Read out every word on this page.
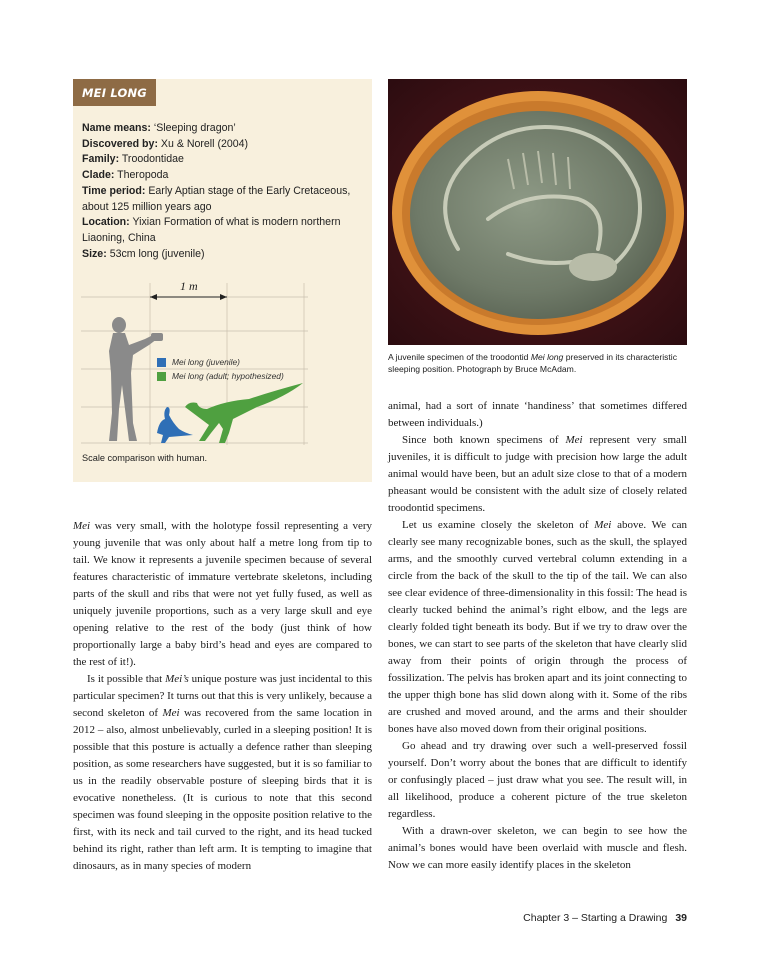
MEI LONG

Name means: ‘Sleeping dragon’

Discovered by: Xu & Norell (2004)

Family: Troodontidae

Clade: Theropoda

Time period: Early Aptian stage of the Early Cretaceous, about 125 million years ago

Location: Yixian Formation of what is modern northern Liaoning, China

Size: 53cm long (juvenile)

1 m
Mei long (juvenile)
Mei long (adult; hypothesized)
Scale comparison with human.
A juvenile specimen of the troodontid Mei long preserved in its characteristic sleeping position. Photograph by Bruce McAdam.

Mei was very small, with the holotype fossil representing a very young juvenile that was only about half a metre long from tip to tail. We know it represents a juvenile specimen because of several features characteristic of immature vertebrate skeletons, including parts of the skull and ribs that were not yet fully fused, as well as uniquely juvenile proportions, such as a very large skull and eye opening relative to the rest of the body (just think of how proportionally large a baby bird’s head and eyes are compared to the rest of it!).

Is it possible that Mei’s unique posture was just incidental to this particular specimen? It turns out that this is very unlikely, because a second skeleton of Mei was recovered from the same location in 2012 – also, almost unbelievably, curled in a sleeping position! It is possible that this posture is actually a defence rather than sleeping position, as some researchers have suggested, but it is so familiar to us in the readily observable posture of sleeping birds that it is evocative nonetheless. (It is curious to note that this second specimen was found sleeping in the opposite position relative to the first, with its neck and tail curved to the right, and its head tucked behind its right, rather than left arm. It is tempting to imagine that dinosaurs, as in many species of modern

animal, had a sort of innate ‘handiness’ that sometimes differed between individuals.)

Since both known specimens of Mei represent very small juveniles, it is difficult to judge with precision how large the adult animal would have been, but an adult size close to that of a modern pheasant would be consistent with the adult size of closely related troodontid specimens.

Let us examine closely the skeleton of Mei above. We can clearly see many recognizable bones, such as the skull, the splayed arms, and the smoothly curved vertebral column extending in a circle from the back of the skull to the tip of the tail. We can also see clear evidence of three-dimensionality in this fossil: The head is clearly tucked behind the animal’s right elbow, and the legs are clearly folded tight beneath its body. But if we try to draw over the bones, we can start to see parts of the skeleton that have clearly slid away from their points of origin through the process of fossilization. The pelvis has broken apart and its joint connecting to the upper thigh bone has slid down along with it. Some of the ribs are crushed and moved around, and the arms and their shoulder bones have also moved down from their original positions.

Go ahead and try drawing over such a well-preserved fossil yourself. Don’t worry about the bones that are difficult to identify or confusingly placed – just draw what you see. The result will, in all likelihood, produce a coherent picture of the true skeleton regardless.

With a drawn-over skeleton, we can begin to see how the animal’s bones would have been overlaid with muscle and flesh. Now we can more easily identify places in the skeleton

Chapter 3 – Starting a Drawing 39
